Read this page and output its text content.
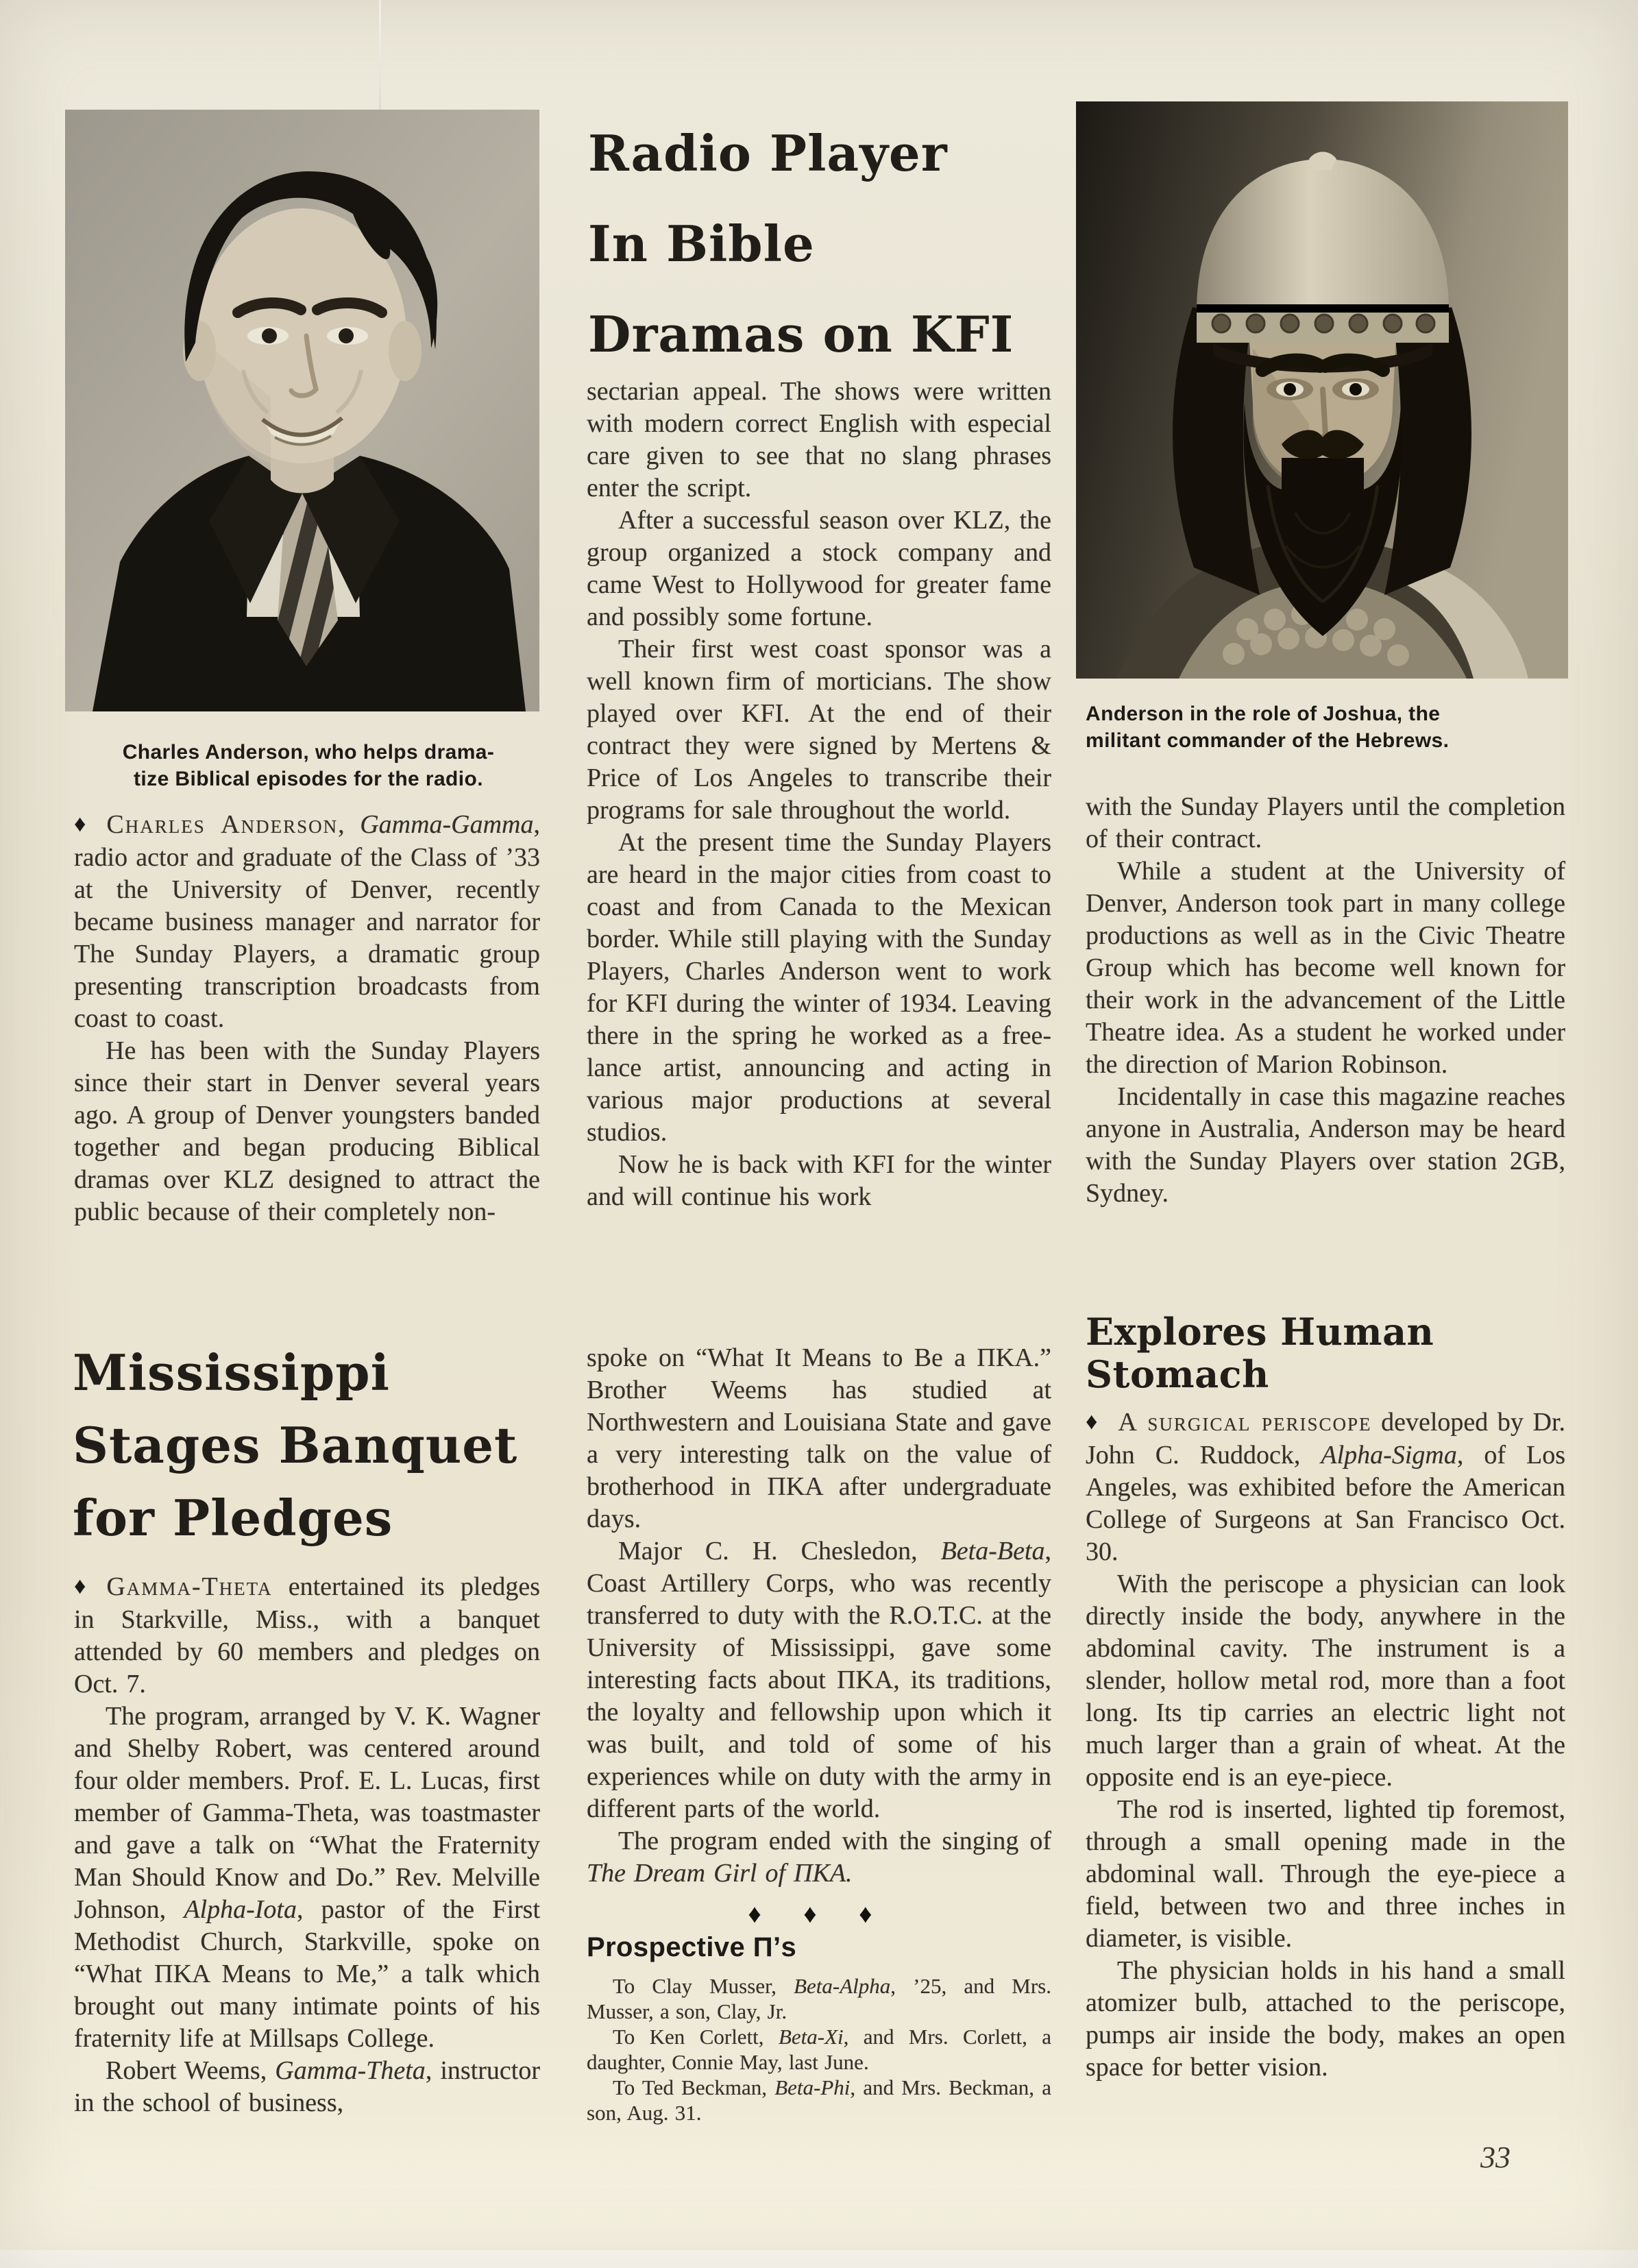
Radio Player
In Bible
Dramas on KFI
Charles Anderson, who helps drama-
tize Biblical episodes for the radio.
Anderson in the role of Joshua, the
militant commander of the Hebrews.

♦ Charles Anderson, Gamma-Gamma, radio actor and graduate of the Class of ’33 at the University of Denver, recently became business manager and narrator for The Sunday Players, a dramatic group presenting transcription broadcasts from coast to coast.

He has been with the Sunday Players since their start in Denver several years ago. A group of Denver youngsters banded together and began producing Biblical dramas over KLZ designed to attract the public because of their completely non-

Mississippi
Stages Banquet
for Pledges

♦ Gamma-Theta entertained its pledges in Starkville, Miss., with a banquet attended by 60 members and pledges on Oct. 7.

The program, arranged by V. K. Wagner and Shelby Robert, was centered around four older members. Prof. E. L. Lucas, first member of Gamma-Theta, was toastmaster and gave a talk on “What the Fraternity Man Should Know and Do.” Rev. Melville Johnson, Alpha-Iota, pastor of the First Methodist Church, Starkville, spoke on “What ΠKA Means to Me,” a talk which brought out many intimate points of his fraternity life at Millsaps College.

Robert Weems, Gamma-Theta, instructor in the school of business,

sectarian appeal. The shows were written with modern correct English with especial care given to see that no slang phrases enter the script.

After a successful season over KLZ, the group organized a stock company and came West to Hollywood for greater fame and possibly some fortune.

Their first west coast sponsor was a well known firm of morticians. The show played over KFI. At the end of their contract they were signed by Mertens & Price of Los Angeles to transcribe their programs for sale throughout the world.

At the present time the Sunday Players are heard in the major cities from coast to coast and from Canada to the Mexican border. While still playing with the Sunday Players, Charles Anderson went to work for KFI during the winter of 1934. Leaving there in the spring he worked as a free-lance artist, announcing and acting in various major productions at several studios.

Now he is back with KFI for the winter and will continue his work

spoke on “What It Means to Be a ΠKA.” Brother Weems has studied at Northwestern and Louisiana State and gave a very interesting talk on the value of brotherhood in ΠKA after undergraduate days.

Major C. H. Chesledon, Beta-Beta, Coast Artillery Corps, who was recently transferred to duty with the R.O.T.C. at the University of Mississippi, gave some interesting facts about ΠKA, its traditions, the loyalty and fellowship upon which it was built, and told of some of his experiences while on duty with the army in different parts of the world.

The program ended with the singing of The Dream Girl of ΠKA.

♦ ♦ ♦
Prospective Π’s

To Clay Musser, Beta-Alpha, ’25, and Mrs. Musser, a son, Clay, Jr.

To Ken Corlett, Beta-Xi, and Mrs. Corlett, a daughter, Connie May, last June.

To Ted Beckman, Beta-Phi, and Mrs. Beckman, a son, Aug. 31.

with the Sunday Players until the completion of their contract.

While a student at the University of Denver, Anderson took part in many college productions as well as in the Civic Theatre Group which has become well known for their work in the advancement of the Little Theatre idea. As a student he worked under the direction of Marion Robinson.

Incidentally in case this magazine reaches anyone in Australia, Anderson may be heard with the Sunday Players over station 2GB, Sydney.

Explores Human Stomach

♦ A surgical periscope developed by Dr. John C. Ruddock, Alpha-Sigma, of Los Angeles, was exhibited before the American College of Surgeons at San Francisco Oct. 30.

With the periscope a physician can look directly inside the body, anywhere in the abdominal cavity. The instrument is a slender, hollow metal rod, more than a foot long. Its tip carries an electric light not much larger than a grain of wheat. At the opposite end is an eye-piece.

The rod is inserted, lighted tip foremost, through a small opening made in the abdominal wall. Through the eye-piece a field, between two and three inches in diameter, is visible.

The physician holds in his hand a small atomizer bulb, attached to the periscope, pumps air inside the body, makes an open space for better vision.

33
